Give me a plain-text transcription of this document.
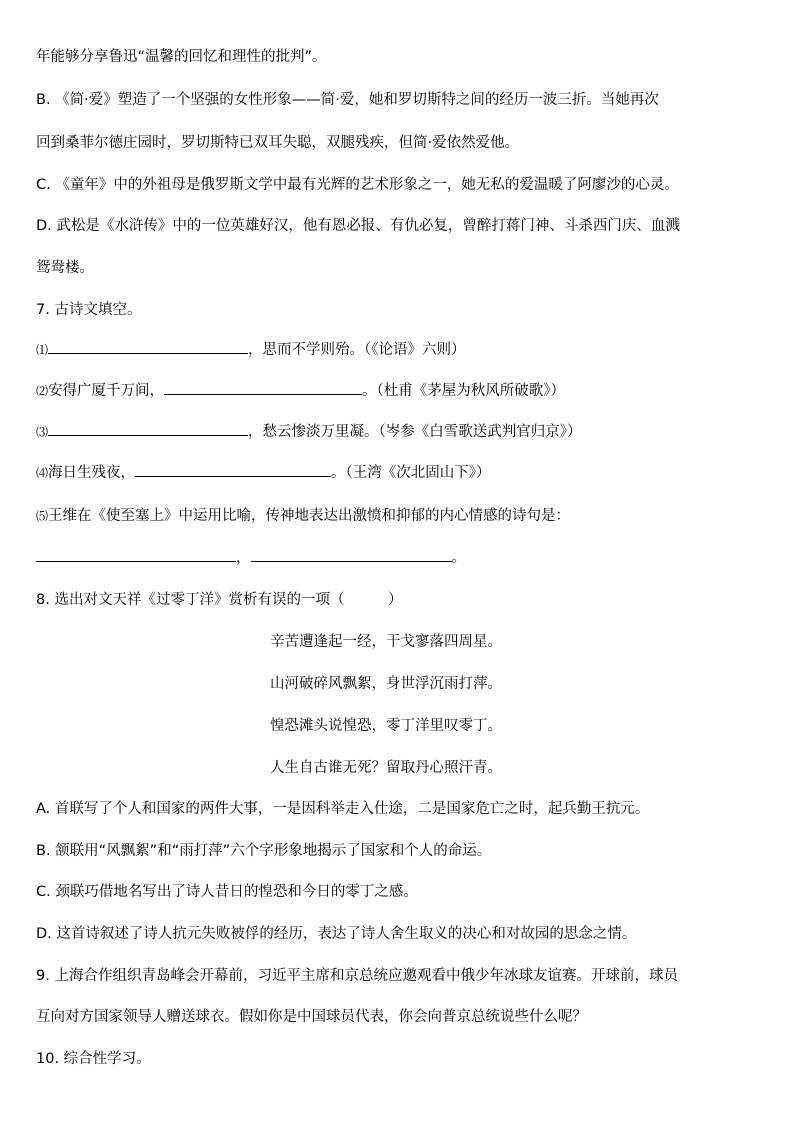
年能够分享鲁迅“温馨的回忆和理性的批判”。
B. 《简·爱》塑造了一个坚强的女性形象——简·爱，她和罗切斯特之间的经历一波三折。当她再次
回到桑菲尔德庄园时，罗切斯特已双耳失聪，双腿残疾，但简·爱依然爱他。
C. 《童年》中的外祖母是俄罗斯文学中最有光辉的艺术形象之一，她无私的爱温暖了阿廖沙的心灵。
D. 武松是《水浒传》中的一位英雄好汉，他有恩必报、有仇必复，曾醉打蒋门神、斗杀西门庆、血溅
鸳鸯楼。
7. 古诗文填空。
⑴	，思而不学则殆。（《论语》六则）
⑵安得广厦千万间，	。（杜甫《茅屋为秋风所破歌》）
⑶	，愁云惨淡万里凝。（岑参《白雪歌送武判官归京》）
⑷海日生残夜，	。（王湾《次北固山下》）
⑸王维在《使至塞上》中运用比喻，传神地表达出激愤和抑郁的内心情感的诗句是：
，	。
8. 选出对文天祥《过零丁洋》赏析有误的一项（　　　）
辛苦遭逢起一经，干戈寥落四周星。
山河破碎风飘絮，身世浮沉雨打萍。
惶恐滩头说惶恐，零丁洋里叹零丁。
人生自古谁无死？留取丹心照汗青。
A. 首联写了个人和国家的两件大事，一是因科举走入仕途，二是国家危亡之时，起兵勤王抗元。
B. 颔联用“风飘絮”和“雨打萍”六个字形象地揭示了国家和个人的命运。
C. 颈联巧借地名写出了诗人昔日的惶恐和今日的零丁之感。
D. 这首诗叙述了诗人抗元失败被俘的经历，表达了诗人舍生取义的决心和对故园的思念之情。
9. 上海合作组织青岛峰会开幕前，习近平主席和京总统应邀观看中俄少年冰球友谊赛。开球前，球员
互向对方国家领导人赠送球衣。假如你是中国球员代表，你会向普京总统说些什么呢？
10. 综合性学习。
